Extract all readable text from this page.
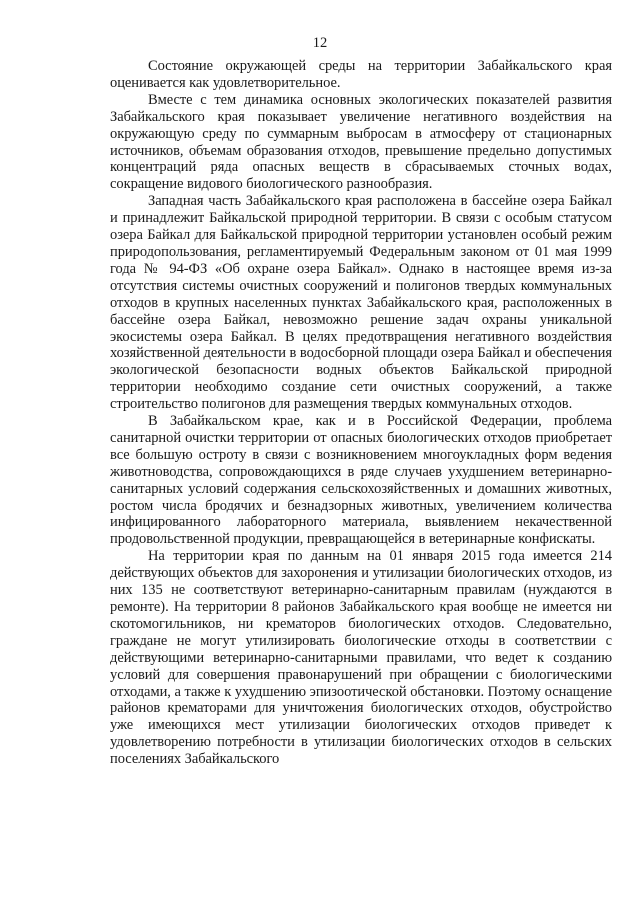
12

Состояние окружающей среды на территории Забайкальского края оценивается как удовлетворительное.

Вместе с тем динамика основных экологических показателей развития Забайкальского края показывает увеличение негативного воздействия на окружающую среду по суммарным выбросам в атмосферу от стационарных источников, объемам образования отходов, превышение предельно допустимых концентраций ряда опасных веществ в сбрасываемых сточных водах, сокращение видового биологического разнообразия.

Западная часть Забайкальского края расположена в бассейне озера Байкал и принадлежит Байкальской природной территории. В связи с особым статусом озера Байкал для Байкальской природной территории установлен особый режим природопользования, регламентируемый Федеральным законом от 01 мая 1999 года № 94-ФЗ «Об охране озера Байкал». Однако в настоящее время из-за отсутствия системы очистных сооружений и полигонов твердых коммунальных отходов в крупных населенных пунктах Забайкальского края, расположенных в бассейне озера Байкал, невозможно решение задач охраны уникальной экосистемы озера Байкал. В целях предотвращения негативного воздействия хозяйственной деятельности в водосборной площади озера Байкал и обеспечения экологической безопасности водных объектов Байкальской природной территории необходимо создание сети очистных сооружений, а также строительство полигонов для размещения твердых коммунальных отходов.

В Забайкальском крае, как и в Российской Федерации, проблема санитарной очистки территории от опасных биологических отходов приобретает все большую остроту в связи с возникновением многоукладных форм ведения животноводства, сопровождающихся в ряде случаев ухудшением ветеринарно-санитарных условий содержания сельскохозяйственных и домашних животных, ростом числа бродячих и безнадзорных животных, увеличением количества инфицированного лабораторного материала, выявлением некачественной продовольственной продукции, превращающейся в ветеринарные конфискаты.

На территории края по данным на 01 января 2015 года имеется 214 действующих объектов для захоронения и утилизации биологических отходов, из них 135 не соответствуют ветеринарно-санитарным правилам (нуждаются в ремонте). На территории 8 районов Забайкальского края вообще не имеется ни скотомогильников, ни крематоров биологических отходов. Следовательно, граждане не могут утилизировать биологические отходы в соответствии с действующими ветеринарно-санитарными правилами, что ведет к созданию условий для совершения правонарушений при обращении с биологическими отходами, а также к ухудшению эпизоотической обстановки. Поэтому оснащение районов крематорами для уничтожения биологических отходов, обустройство уже имеющихся мест утилизации биологических отходов приведет к удовлетворению потребности в утилизации биологических отходов в сельских поселениях Забайкальского
